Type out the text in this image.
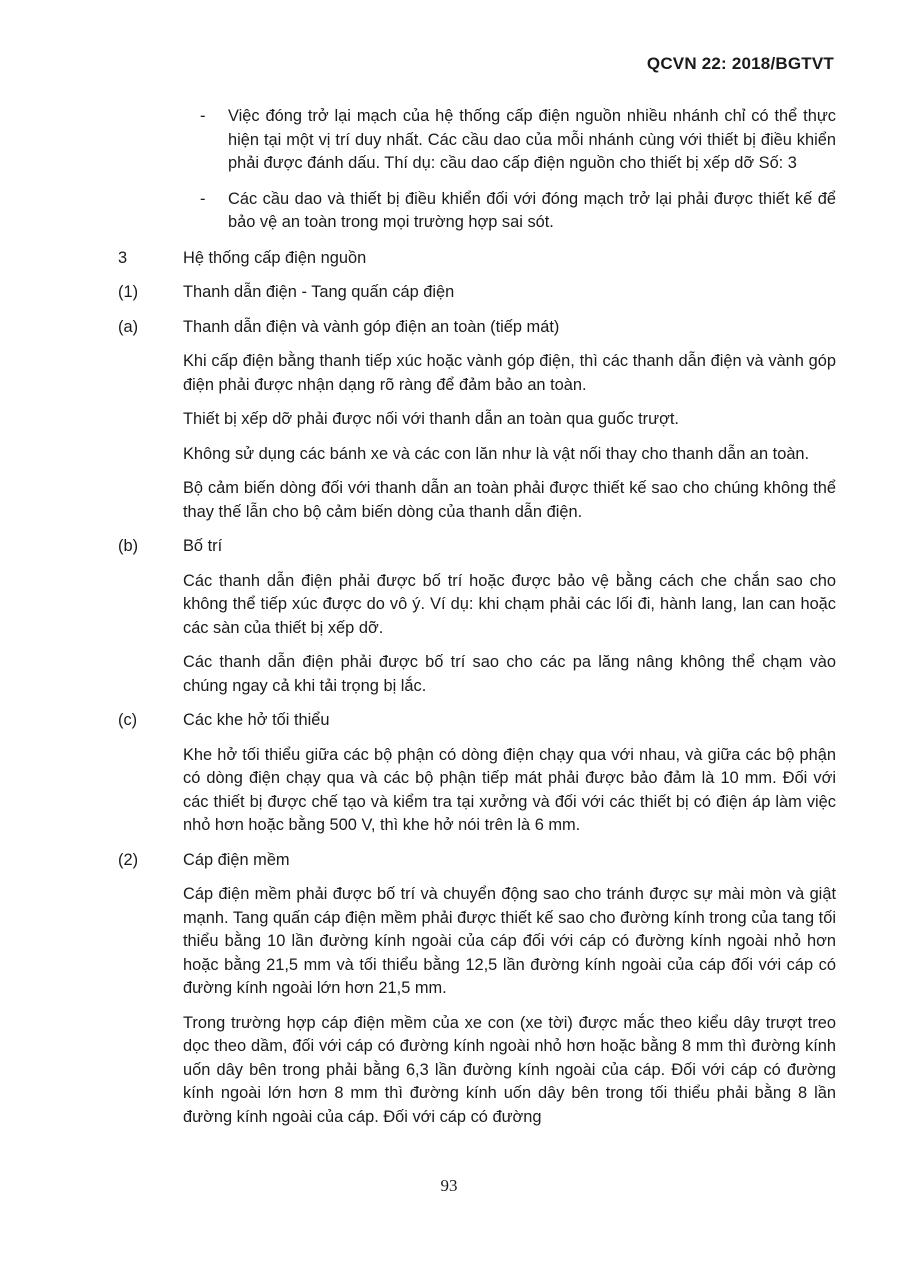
QCVN 22: 2018/BGTVT
- Việc đóng trở lại mạch của hệ thống cấp điện nguồn nhiều nhánh chỉ có thể thực hiện tại một vị trí duy nhất. Các cầu dao của mỗi nhánh cùng với thiết bị điều khiển phải được đánh dấu. Thí dụ: cầu dao cấp điện nguồn cho thiết bị xếp dỡ Số: 3
- Các cầu dao và thiết bị điều khiển đối với đóng mạch trở lại phải được thiết kế để bảo vệ an toàn trong mọi trường hợp sai sót.
3	Hệ thống cấp điện nguồn
(1)	Thanh dẫn điện - Tang quấn cáp điện
(a)	Thanh dẫn điện và vành góp điện an toàn (tiếp mát)
Khi cấp điện bằng thanh tiếp xúc hoặc vành góp điện, thì các thanh dẫn điện và vành góp điện phải được nhận dạng rõ ràng để đảm bảo an toàn.
Thiết bị xếp dỡ phải được nối với thanh dẫn an toàn qua guốc trượt.
Không sử dụng các bánh xe và các con lăn như là vật nối thay cho thanh dẫn an toàn.
Bộ cảm biến dòng đối với thanh dẫn an toàn phải được thiết kế sao cho chúng không thể thay thế lẫn cho bộ cảm biến dòng của thanh dẫn điện.
(b)	Bố trí
Các thanh dẫn điện phải được bố trí hoặc được bảo vệ bằng cách che chắn sao cho không thể tiếp xúc được do vô ý. Ví dụ: khi chạm phải các lối đi, hành lang, lan can hoặc các sàn của thiết bị xếp dỡ.
Các thanh dẫn điện phải được bố trí sao cho các pa lăng nâng không thể chạm vào chúng ngay cả khi tải trọng bị lắc.
(c)	Các khe hở tối thiểu
Khe hở tối thiểu giữa các bộ phận có dòng điện chạy qua với nhau, và giữa các bộ phận có dòng điện chạy qua và các bộ phận tiếp mát phải được bảo đảm là 10 mm. Đối với các thiết bị được chế tạo và kiểm tra tại xưởng và đối với các thiết bị có điện áp làm việc nhỏ hơn hoặc bằng 500 V, thì khe hở nói trên là 6 mm.
(2)	Cáp điện mềm
Cáp điện mềm phải được bố trí và chuyển động sao cho tránh được sự mài mòn và giật mạnh. Tang quấn cáp điện mềm phải được thiết kế sao cho đường kính trong của tang tối thiểu bằng 10 lần đường kính ngoài của cáp đối với cáp có đường kính ngoài nhỏ hơn hoặc bằng 21,5 mm và tối thiểu bằng 12,5 lần đường kính ngoài của cáp đối với cáp có đường kính ngoài lớn hơn 21,5 mm.
Trong trường hợp cáp điện mềm của xe con (xe tời) được mắc theo kiểu dây trượt treo dọc theo dầm, đối với cáp có đường kính ngoài nhỏ hơn hoặc bằng 8 mm thì đường kính uốn dây bên trong phải bằng 6,3 lần đường kính ngoài của cáp. Đối với cáp có đường kính ngoài lớn hơn 8 mm thì đường kính uốn dây bên trong tối thiểu phải bằng 8 lần đường kính ngoài của cáp. Đối với cáp có đường
93
